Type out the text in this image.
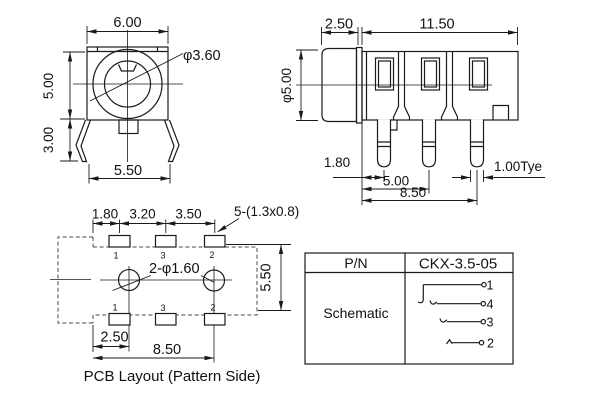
6.00
φ3.60
5.00
3.00
5.50
2.50	11.50
φ5.00
1.80
5.00
8.50
1.00Tye
1	3	2
1	3	2
2-φ1.60
1.80 3.20 3.50 5-(1.3x0.8)
5.50
2.50
8.50
PCB Layout (Pattern Side)
P/N	CKX-3.5-05
Schematic
1
4
3
2
